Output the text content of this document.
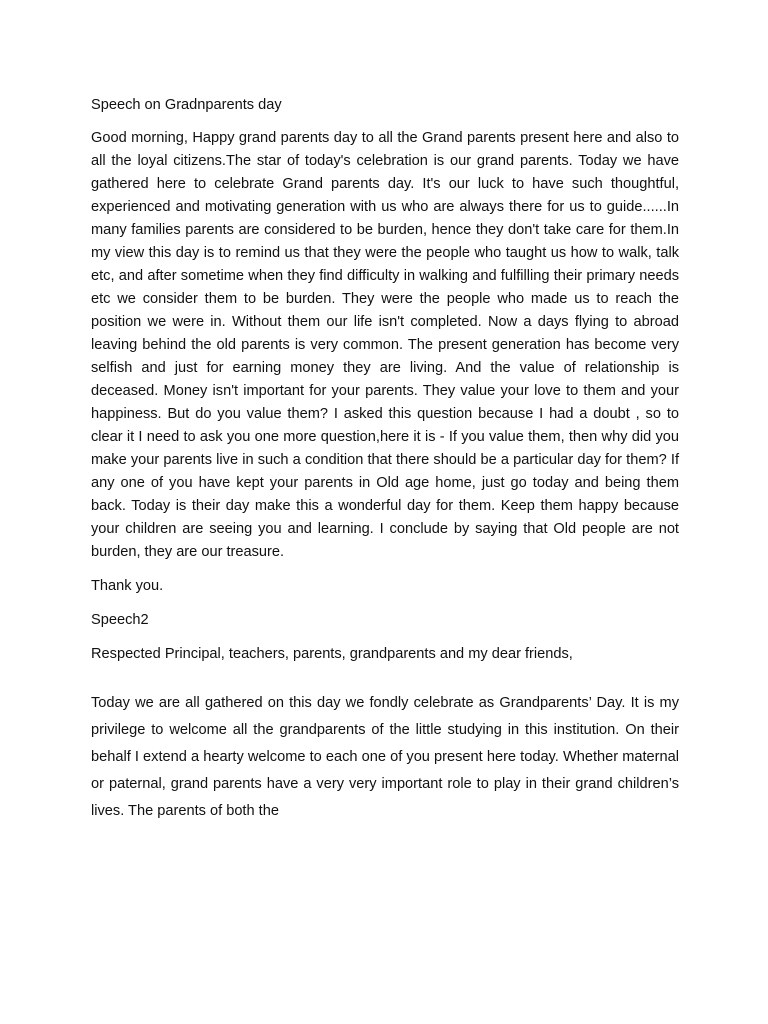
Speech on Gradnparents day

Good morning, Happy grand parents day to all the Grand parents present here and also to all the loyal citizens.The star of today's celebration is our grand parents. Today we have gathered here to celebrate Grand parents day. It's our luck to have such thoughtful, experienced and motivating generation with us who are always there for us to guide......In many families parents are considered to be burden, hence they don't take care for them.In my view this day is to remind us that they were the people who taught us how to walk, talk etc, and after sometime when they find difficulty in walking and fulfilling their primary needs etc we consider them to be burden. They were the people who made us to reach the position we were in. Without them our life isn't completed. Now a days flying to abroad leaving behind the old parents is very common. The present generation has become very selfish and just for earning money they are living. And the value of relationship is deceased. Money isn't important for your parents. They value your love to them and your happiness. But do you value them? I asked this question because I had a doubt , so to clear it I need to ask you one more question,here it is - If you value them, then why did you make your parents live in such a condition that there should be a particular day for them? If any one of you have kept your parents in Old age home, just go today and being them back. Today is their day make this a wonderful day for them. Keep them happy because your children are seeing you and learning. I conclude by saying that Old people are not burden, they are our treasure.

Thank you.

Speech2

Respected Principal, teachers, parents, grandparents and my dear friends,

Today we are all gathered on this day we fondly celebrate as Grandparents’ Day. It is my privilege to welcome all the grandparents of the little studying in this institution. On their behalf I extend a hearty welcome to each one of you present here today. Whether maternal or paternal, grand parents have a very very important role to play in their grand children’s lives. The parents of both the
